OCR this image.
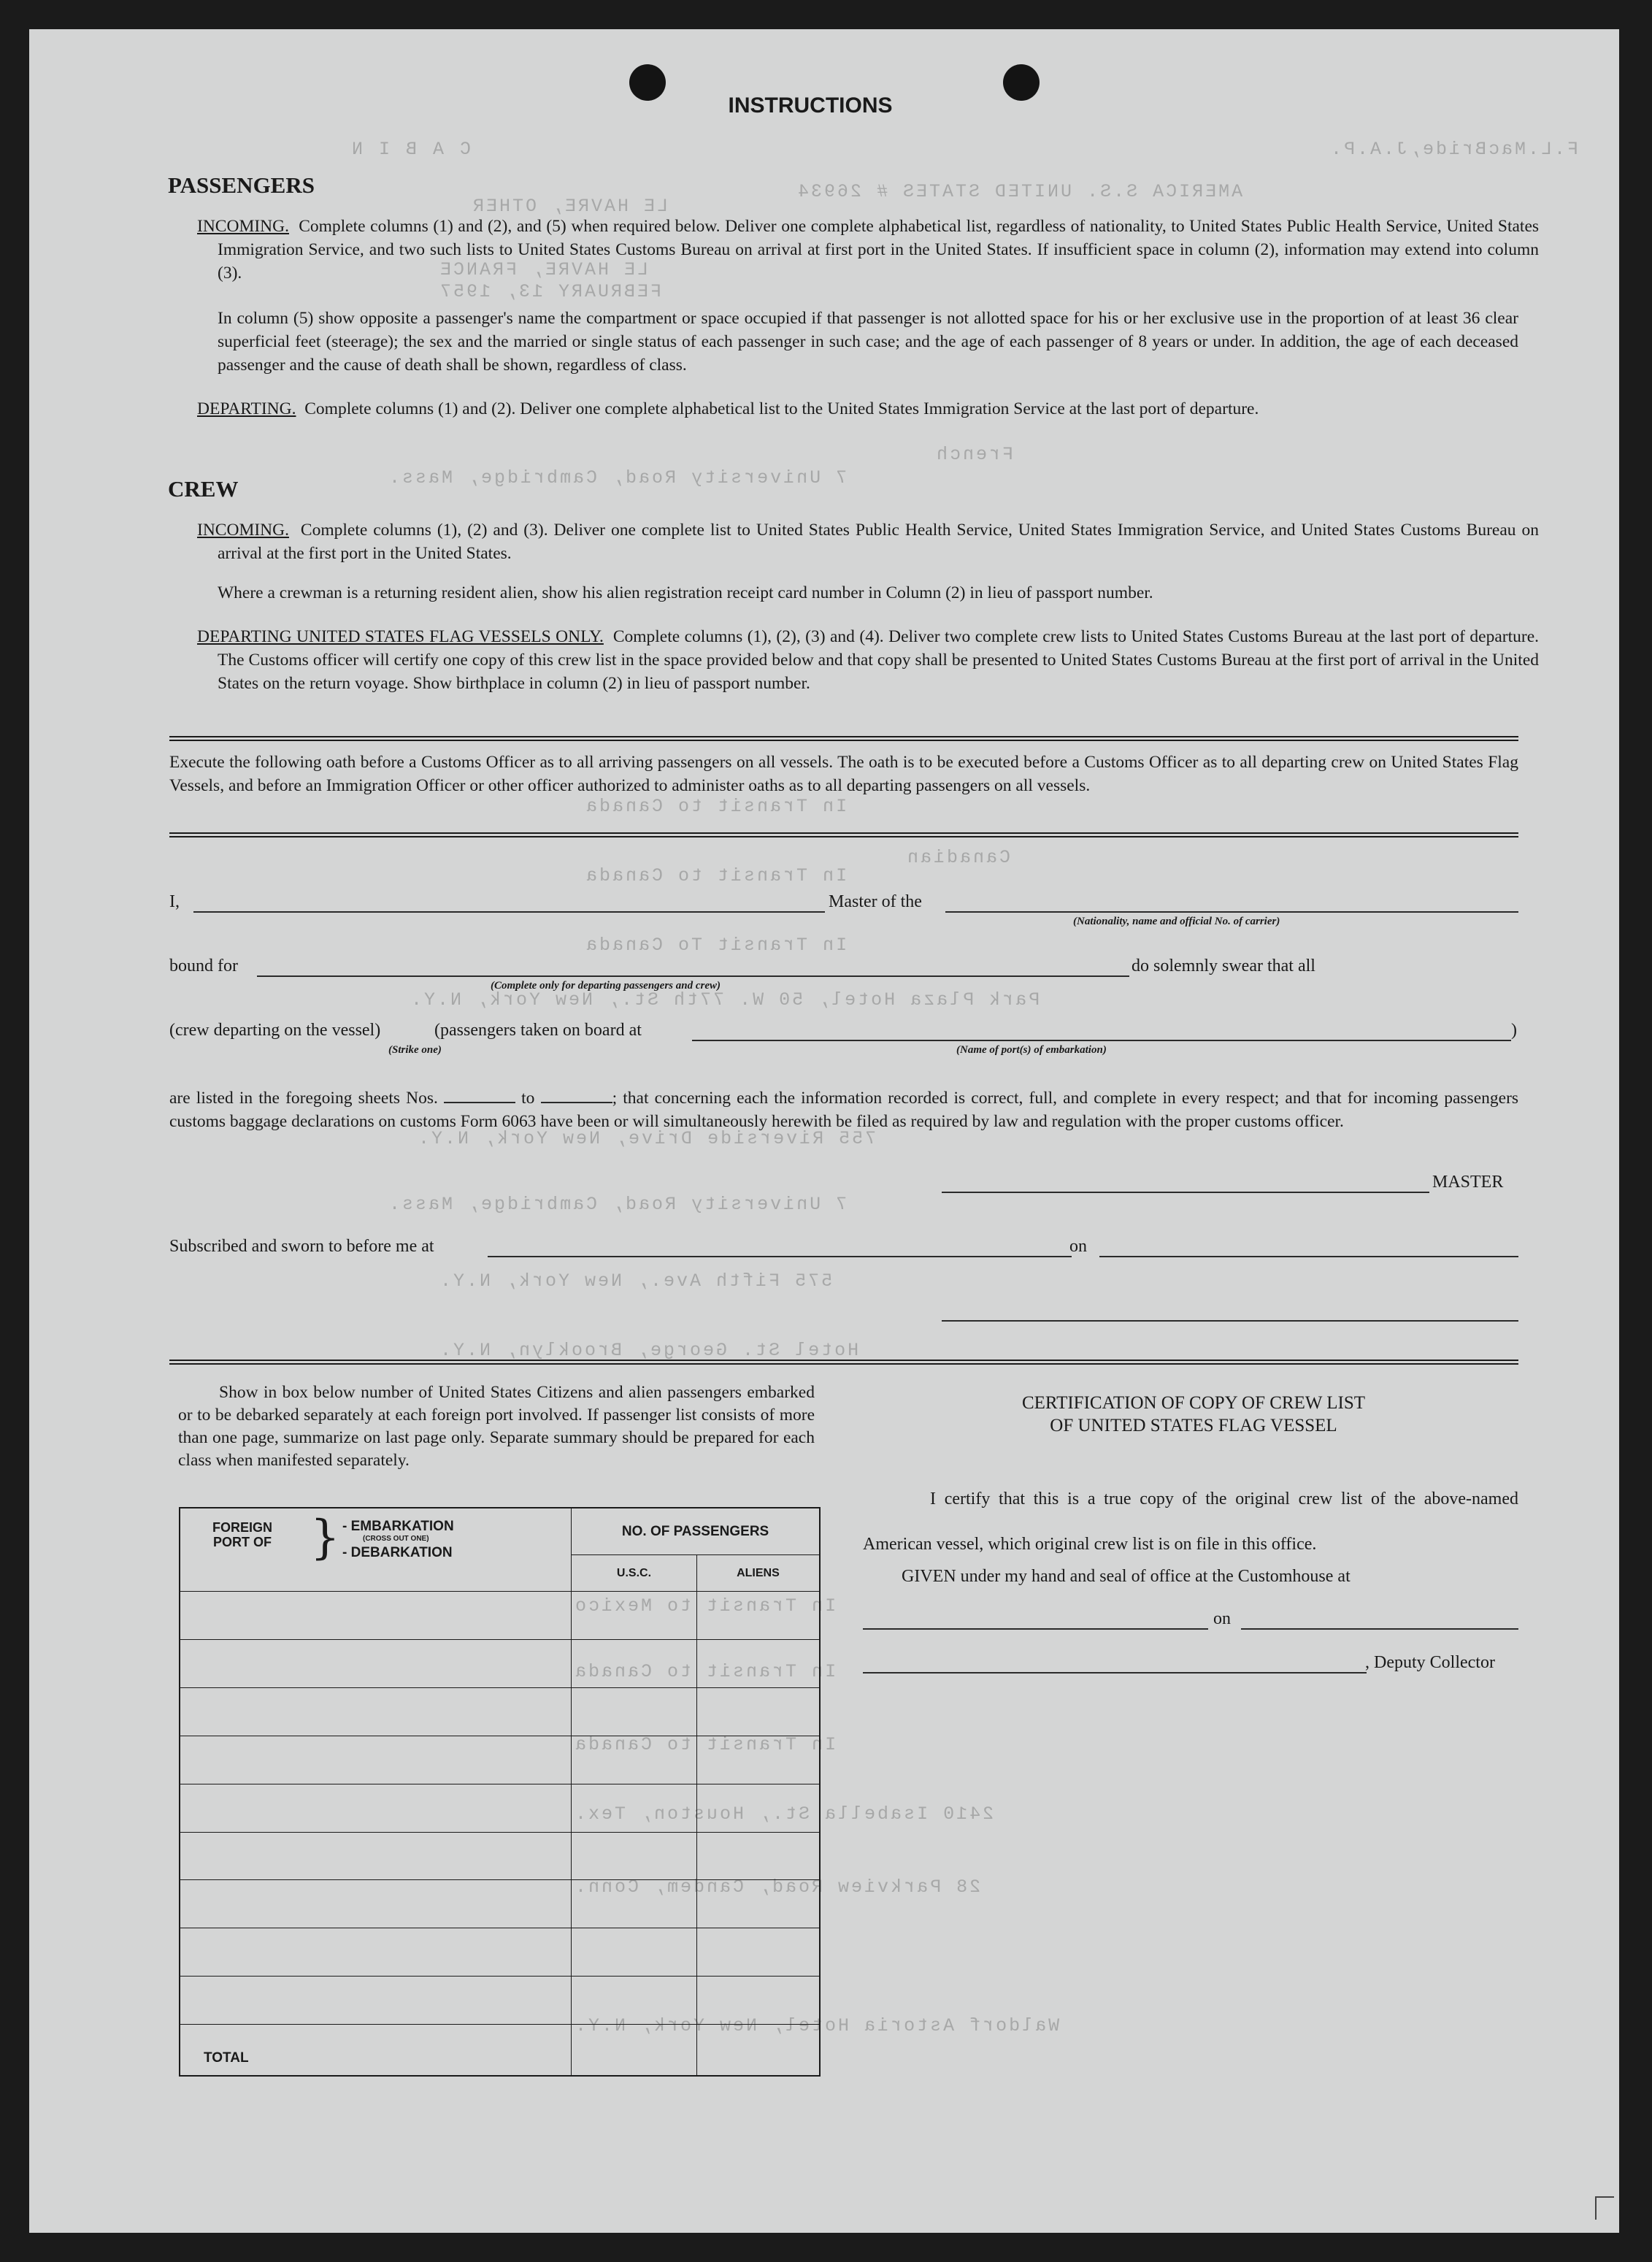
CABIN	F.L.MacBride,J.A.P.
AMERICA S.S. UNITED STATES # 26934
LE HAVRE, OTHER
LE HAVRE, FRANCE
FEBRUARY 13, 1957
French
7 University Road, Cambridge, Mass.
In Transit to Canada
Canadian
In Transit to Canada
In Transit To Canada
Park Plaza Hotel, 50 W. 77th St., New York, N.Y.
755 Riverside Drive, New York, N.Y.
7 University Road, Cambridge, Mass.
575 Fifth Ave., New York, N.Y.
Hotel St. George, Brooklyn, N.Y.
In Transit to Mexico
In Transit to Canada
In Transit to Canada
2410 Isabella St., Houston, Tex.
28 Parkview Road, Candem, Conn.
Waldorf Astoria Hotel, New York, N.Y.
INSTRUCTIONS
PASSENGERS
INCOMING. Complete columns (1) and (2), and (5) when required below. Deliver one complete alphabetical list, regardless of nationality, to United States Public Health Service, United States Immigration Service, and two such lists to United States Customs Bureau on arrival at first port in the United States. If insufficient space in column (2), information may extend into column (3).
In column (5) show opposite a passenger's name the compartment or space occupied if that passenger is not allotted space for his or her exclusive use in the proportion of at least 36 clear superficial feet (steerage); the sex and the married or single status of each passenger in such case; and the age of each passenger of 8 years or under. In addition, the age of each deceased passenger and the cause of death shall be shown, regardless of class.
DEPARTING. Complete columns (1) and (2). Deliver one complete alphabetical list to the United States Immigration Service at the last port of departure.
CREW
INCOMING. Complete columns (1), (2) and (3). Deliver one complete list to United States Public Health Service, United States Immigration Service, and United States Customs Bureau on arrival at the first port in the United States.
Where a crewman is a returning resident alien, show his alien registration receipt card number in Column (2) in lieu of passport number.
DEPARTING UNITED STATES FLAG VESSELS ONLY. Complete columns (1), (2), (3) and (4). Deliver two complete crew lists to United States Customs Bureau at the last port of departure. The Customs officer will certify one copy of this crew list in the space provided below and that copy shall be presented to United States Customs Bureau at the first port of arrival in the United States on the return voyage. Show birthplace in column (2) in lieu of passport number.
Execute the following oath before a Customs Officer as to all arriving passengers on all vessels. The oath is to be executed before a Customs Officer as to all departing crew on United States Flag Vessels, and before an Immigration Officer or other officer authorized to administer oaths as to all departing passengers on all vessels.
I,	Master of the
(Nationality, name and official No. of carrier)
bound for
(Complete only for departing passengers and crew)
do solemnly swear that all
(crew departing on the vessel)	(passengers taken on board at	)
(Strike one)	(Name of port(s) of embarkation)
are listed in the foregoing sheets Nos.	to	; that concerning each the information recorded is correct, full, and complete in every respect; and that for incoming passengers customs baggage declarations on customs Form 6063 have been or will simultaneously herewith be filed as required by law and regulation with the proper customs officer.
MASTER
Subscribed and sworn to before me at	on
Show in box below number of United States Citizens and alien passengers embarked or to be debarked separately at each foreign port involved. If passenger list consists of more than one page, summarize on last page only. Separate summary should be prepared for each class when manifested separately.
FOREIGN PORT OF } - EMBARKATION
(CROSS OUT ONE)
- DEBARKATION	NO. OF PASSENGERS	
	U.S.C.	ALIENS

TOTAL		
CERTIFICATION OF COPY OF CREW LIST
OF UNITED STATES FLAG VESSEL
I certify that this is a true copy of the original crew list of the above-named American vessel, which original crew list is on file in this office.
GIVEN under my hand and seal of office at the Customhouse at
on
, Deputy Collector
